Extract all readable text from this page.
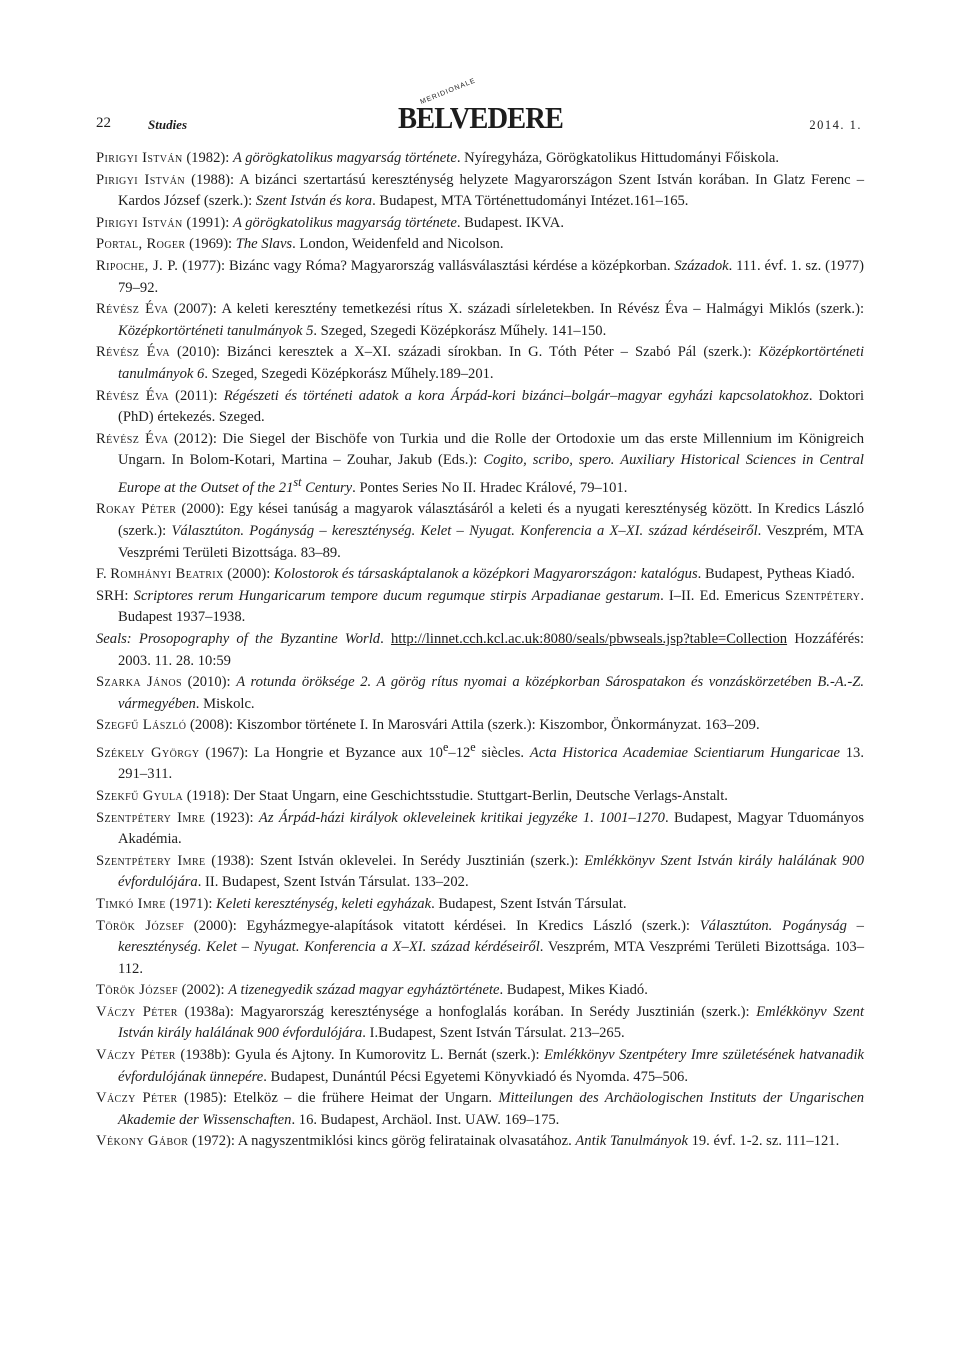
22	Studies	BELVEDERE
MERIDIONALE
2014. 1.

Pirigyi István (1982): A görögkatolikus magyarság története. Nyíregyháza, Görögkatolikus Hittudományi Főiskola.

Pirigyi István (1988): A bizánci szertartású kereszténység helyzete Magyarországon Szent István korában. In Glatz Ferenc – Kardos József (szerk.): Szent István és kora. Budapest, MTA Történettudományi Intézet.161–165.

Pirigyi István (1991): A görögkatolikus magyarság története. Budapest. IKVA.

Portal, Roger (1969): The Slavs. London, Weidenfeld and Nicolson.

Ripoche, J. P. (1977): Bizánc vagy Róma? Magyarország vallásválasztási kérdése a középkorban. Századok. 111. évf. 1. sz. (1977) 79–92.

Révész Éva (2007): A keleti keresztény temetkezési rítus X. századi sírleletekben. In Révész Éva – Halmágyi Miklós (szerk.): Középkortörténeti tanulmányok 5. Szeged, Szegedi Középkorász Műhely. 141–150.

Révész Éva (2010): Bizánci keresztek a X–XI. századi sírokban. In G. Tóth Péter – Szabó Pál (szerk.): Középkortörténeti tanulmányok 6. Szeged, Szegedi Középkorász Műhely.189–201.

Révész Éva (2011): Régészeti és történeti adatok a kora Árpád-kori bizánci–bolgár–magyar egyházi kapcsolatokhoz. Doktori (PhD) értekezés. Szeged.

Révész Éva (2012): Die Siegel der Bischöfe von Turkia und die Rolle der Ortodoxie um das erste Millennium im Königreich Ungarn. In Bolom-Kotari, Martina – Zouhar, Jakub (Eds.): Cogito, scribo, spero. Auxiliary Historical Sciences in Central Europe at the Outset of the 21st Century. Pontes Series No II. Hradec Králové, 79–101.

Rokay Péter (2000): Egy kései tanúság a magyarok választásáról a keleti és a nyugati kereszténység között. In Kredics László (szerk.): Választúton. Pogányság – kereszténység. Kelet – Nyugat. Konferencia a X–XI. század kérdéseiről. Veszprém, MTA Veszprémi Területi Bizottsága. 83–89.

F. Romhányi Beatrix (2000): Kolostorok és társaskáptalanok a középkori Magyarországon: katalógus. Budapest, Pytheas Kiadó.

SRH: Scriptores rerum Hungaricarum tempore ducum regumque stirpis Arpadianae gestarum. I–II. Ed. Emericus Szentpétery. Budapest 1937–1938.

Seals: Prosopography of the Byzantine World. http://linnet.cch.kcl.ac.uk:8080/seals/pbwseals.jsp?table=Collection Hozzáférés: 2003. 11. 28. 10:59

Szarka János (2010): A rotunda öröksége 2. A görög rítus nyomai a középkorban Sárospatakon és vonzáskörzetében B.-A.-Z. vármegyében. Miskolc.

Szegfű László (2008): Kiszombor története I. In Marosvári Attila (szerk.): Kiszombor, Önkormányzat. 163–209.

Székely György (1967): La Hongrie et Byzance aux 10e–12e siècles. Acta Historica Academiae Scientiarum Hungaricae 13. 291–311.

Szekfű Gyula (1918): Der Staat Ungarn, eine Geschichtsstudie. Stuttgart-Berlin, Deutsche Verlags-Anstalt.

Szentpétery Imre (1923): Az Árpád-házi királyok okleveleinek kritikai jegyzéke 1. 1001–1270. Budapest, Magyar Tduományos Akadémia.

Szentpétery Imre (1938): Szent István oklevelei. In Serédy Jusztinián (szerk.): Emlékkönyv Szent István király halálának 900 évfordulójára. II. Budapest, Szent István Társulat. 133–202.

Timkó Imre (1971): Keleti kereszténység, keleti egyházak. Budapest, Szent István Társulat.

Török József (2000): Egyházmegye-alapítások vitatott kérdései. In Kredics László (szerk.): Választúton. Pogányság – kereszténység. Kelet – Nyugat. Konferencia a X–XI. század kérdéseiről. Veszprém, MTA Veszprémi Területi Bizottsága. 103–112.

Török József (2002): A tizenegyedik század magyar egyháztörténete. Budapest, Mikes Kiadó.

Váczy Péter (1938a): Magyarország kereszténysége a honfoglalás korában. In Serédy Jusztinián (szerk.): Emlékkönyv Szent István király halálának 900 évfordulójára. I.Budapest, Szent István Társulat. 213–265.

Váczy Péter (1938b): Gyula és Ajtony. In Kumorovitz L. Bernát (szerk.): Emlékkönyv Szentpétery Imre születésének hatvanadik évfordulójának ünnepére. Budapest, Dunántúl Pécsi Egyetemi Könyvkiadó és Nyomda. 475–506.

Váczy Péter (1985): Etelköz – die frühere Heimat der Ungarn. Mitteilungen des Archäologischen Instituts der Ungarischen Akademie der Wissenschaften. 16. Budapest, Archäol. Inst. UAW. 169–175.

Vékony Gábor (1972): A nagyszentmiklósi kincs görög feliratainak olvasatához. Antik Tanulmányok 19. évf. 1-2. sz. 111–121.
